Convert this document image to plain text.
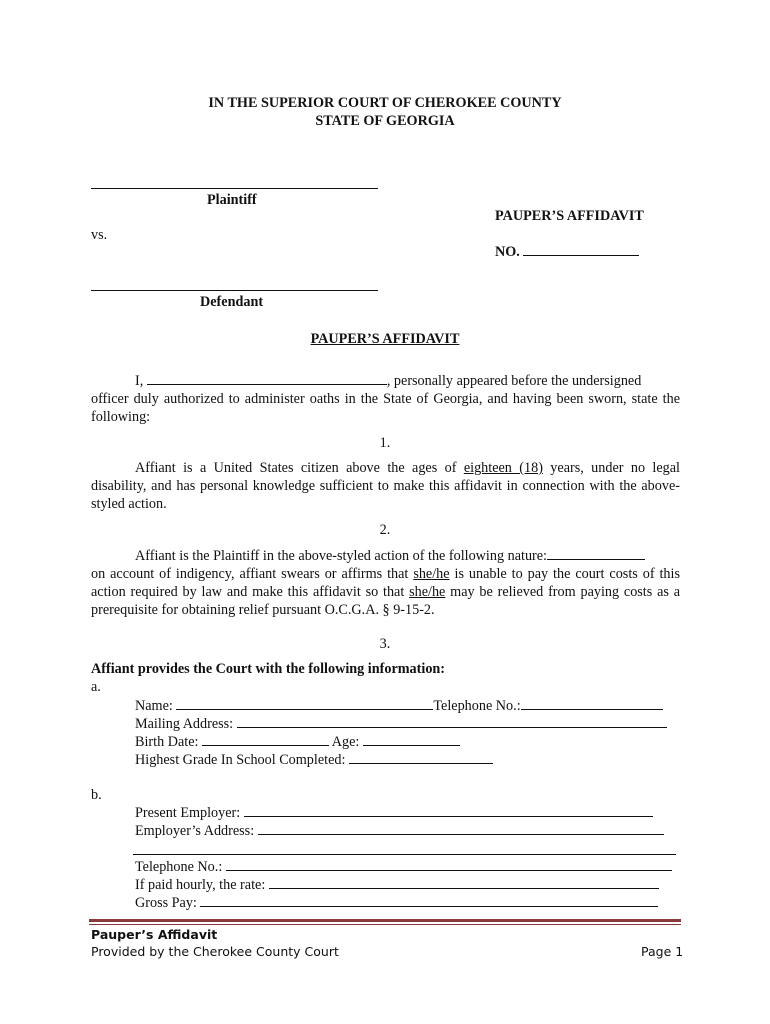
IN THE SUPERIOR COURT OF CHEROKEE COUNTY
STATE OF GEORGIA
Plaintiff
PAUPER’S AFFIDAVIT
vs.
NO.
Defendant
PAUPER’S AFFIDAVIT

I,	, personally appeared before the undersigned

officer duly authorized to administer oaths in the State of Georgia, and having been sworn, state the following:

1.

Affiant is a United States citizen above the ages of eighteen (18) years, under no legal disability, and has personal knowledge sufficient to make this affidavit in connection with the above-styled action.

2.

Affiant is the Plaintiff in the above-styled action of the following nature:

on account of indigency, affiant swears or affirms that she/he is unable to pay the court costs of this action required by law and make this affidavit so that she/he may be relieved from paying costs as a prerequisite for obtaining relief pursuant O.C.G.A. § 9-15-2.

3.
Affiant provides the Court with the following information:
a.
Name:	Telephone No.:
Mailing Address:
Birth Date:	Age:
Highest Grade In School Completed:
b.
Present Employer:
Employer’s Address:
Telephone No.:
If paid hourly, the rate:
Gross Pay:
Pauper’s Affidavit
Provided by the Cherokee County Court	Page 1
